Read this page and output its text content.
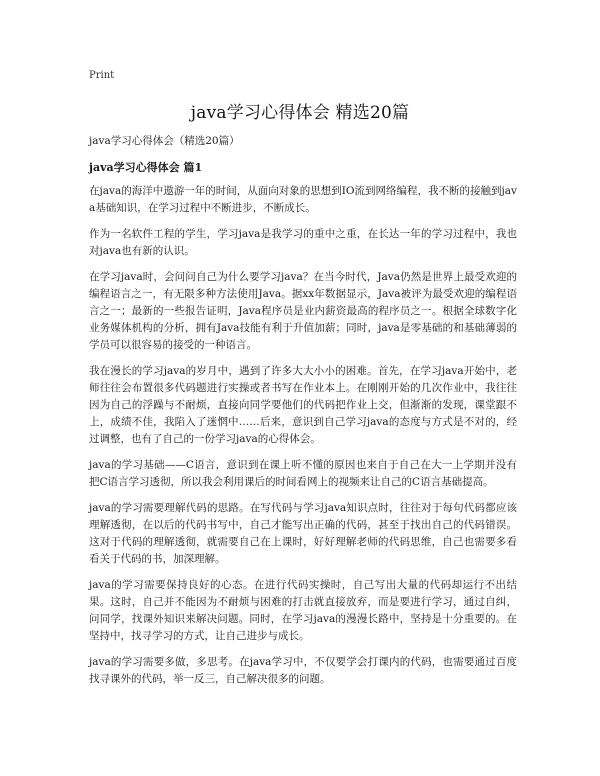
Print
java学习心得体会 精选20篇

java学习心得体会（精选20篇）

java学习心得体会 篇1

在java的海洋中遨游一年的时间，从面向对象的思想到IO流到网络编程，我不断的接触到java基础知识，在学习过程中不断进步，不断成长。

作为一名软件工程的学生，学习java是我学习的重中之重，在长达一年的学习过程中，我也对java也有新的认识。

在学习java时，会问问自己为什么要学习java？在当今时代，Java仍然是世界上最受欢迎的编程语言之一，有无限多种方法使用Java。据xx年数据显示，Java被评为最受欢迎的编程语言之一；最新的一些报告证明，Java程序员是业内薪资最高的程序员之一。根据全球数字化业务媒体机构的分析，拥有Java技能有利于升值加薪；同时，java是零基础的和基础薄弱的学员可以很容易的接受的一种语言。

我在漫长的学习java的岁月中，遇到了许多大大小小的困难。首先，在学习java开始中，老师往往会布置很多代码题进行实操或者书写在作业本上。在刚刚开始的几次作业中，我往往因为自己的浮躁与不耐烦，直接向同学要他们的代码把作业上交，但渐渐的发现，课堂跟不上，成绩不佳，我陷入了迷惘中……后来，意识到自己学习java的态度与方式是不对的，经过调整，也有了自己的一份学习java的心得体会。

java的学习基础——C语言，意识到在课上听不懂的原因也来自于自己在大一上学期并没有把C语言学习透彻，所以我会利用课后的时间看网上的视频来让自己的C语言基础提高。

java的学习需要理解代码的思路。在写代码与学习java知识点时，往往对于每句代码都应该理解透彻，在以后的代码书写中，自己才能写出正确的代码，甚至于找出自己的代码错误。这对于代码的理解透彻，就需要自己在上课时，好好理解老师的代码思维，自己也需要多看看关于代码的书，加深理解。

java的学习需要保持良好的心态。在进行代码实操时，自己写出大量的代码却运行不出结果。这时，自己并不能因为不耐烦与困难的打击就直接放弃，而是要进行学习，通过自纠，问同学，找课外知识来解决问题。同时，在学习java的漫漫长路中，坚持是十分重要的。在坚持中，找寻学习的方式，让自己进步与成长。

java的学习需要多做，多思考。在java学习中，不仅要学会打课内的代码，也需要通过百度找寻课外的代码，举一反三，自己解决很多的问题。
